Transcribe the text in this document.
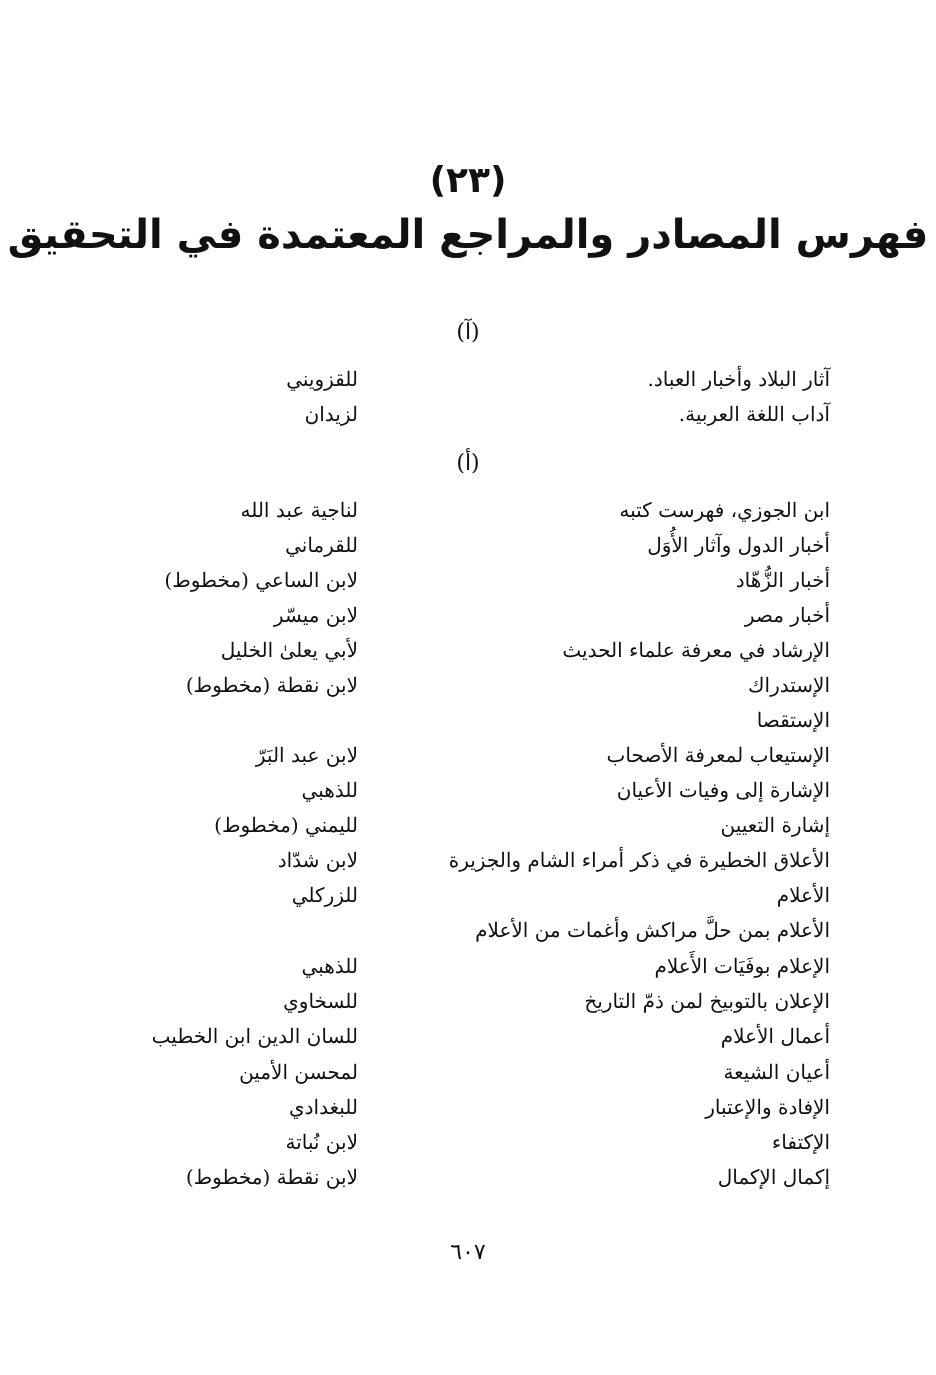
(٢٣)
فهرس المصادر والمراجع المعتمدة في التحقيق
(آ)
آثار البلاد وأخبار العباد.
للقزويني
آداب اللغة العربية.
لزيدان
(أ)
ابن الجوزي، فهرست كتبه
لناجية عبد الله
أخبار الدول وآثار الأُوَل
للقرماني
أخبار الزُّهّاد
لابن الساعي (مخطوط)
أخبار مصر
لابن ميسّر
الإرشاد في معرفة علماء الحديث
لأبي يعلىٰ الخليل
الإستدراك
لابن نقطة (مخطوط)
الإستقصا
الإستيعاب لمعرفة الأصحاب
لابن عبد البَرّ
الإشارة إلى وفيات الأعيان
للذهبي
إشارة التعيين
لليمني (مخطوط)
الأعلاق الخطيرة في ذكر أمراء الشام والجزيرة
لابن شدّاد
الأعلام
للزركلي
الأعلام بمن حلَّ مراكش وأغمات من الأعلام
الإعلام بوفَيَات الأَعلام
للذهبي
الإعلان بالتوبيخ لمن ذمّ التاريخ
للسخاوي
أعمال الأعلام
للسان الدين ابن الخطيب
أعيان الشيعة
لمحسن الأمين
الإفادة والإعتبار
للبغدادي
الإكتفاء
لابن نُباتة
إكمال الإكمال
لابن نقطة (مخطوط)
٦٠٧
